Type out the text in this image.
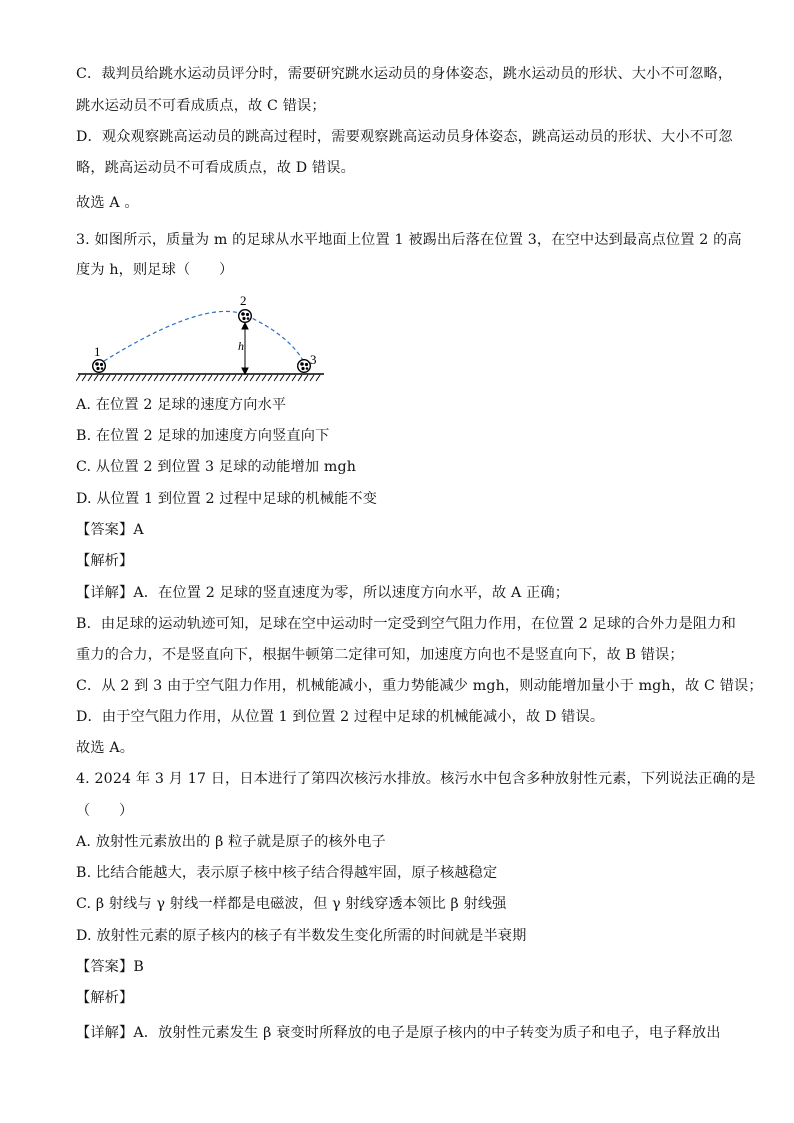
C．裁判员给跳水运动员评分时，需要研究跳水运动员的身体姿态，跳水运动员的形状、大小不可忽略，
跳水运动员不可看成质点，故 C 错误；
D．观众观察跳高运动员的跳高过程时，需要观察跳高运动员身体姿态，跳高运动员的形状、大小不可忽
略，跳高运动员不可看成质点，故 D 错误。
故选 A 。
3. 如图所示，质量为 m 的足球从水平地面上位置 1 被踢出后落在位置 3，在空中达到最高点位置 2 的高
度为 h，则足球（　　）
1
2
3
h
A. 在位置 2 足球的速度方向水平
B. 在位置 2 足球的加速度方向竖直向下
C. 从位置 2 到位置 3 足球的动能增加 mgh
D. 从位置 1 到位置 2 过程中足球的机械能不变
【答案】A
【解析】
【详解】A．在位置 2 足球的竖直速度为零，所以速度方向水平，故 A 正确；
B．由足球的运动轨迹可知，足球在空中运动时一定受到空气阻力作用，在位置 2 足球的合外力是阻力和
重力的合力，不是竖直向下，根据牛顿第二定律可知，加速度方向也不是竖直向下，故 B 错误；
C．从 2 到 3 由于空气阻力作用，机械能减小，重力势能减少 mgh，则动能增加量小于 mgh，故 C 错误；
D．由于空气阻力作用，从位置 1 到位置 2 过程中足球的机械能减小，故 D 错误。
故选 A。
4. 2024 年 3 月 17 日，日本进行了第四次核污水排放。核污水中包含多种放射性元素，下列说法正确的是
（　　）
A. 放射性元素放出的 β 粒子就是原子的核外电子
B. 比结合能越大，表示原子核中核子结合得越牢固，原子核越稳定
C. β 射线与 γ 射线一样都是电磁波，但 γ 射线穿透本领比 β 射线强
D. 放射性元素的原子核内的核子有半数发生变化所需的时间就是半衰期
【答案】B
【解析】
【详解】A．放射性元素发生 β 衰变时所释放的电子是原子核内的中子转变为质子和电子，电子释放出
